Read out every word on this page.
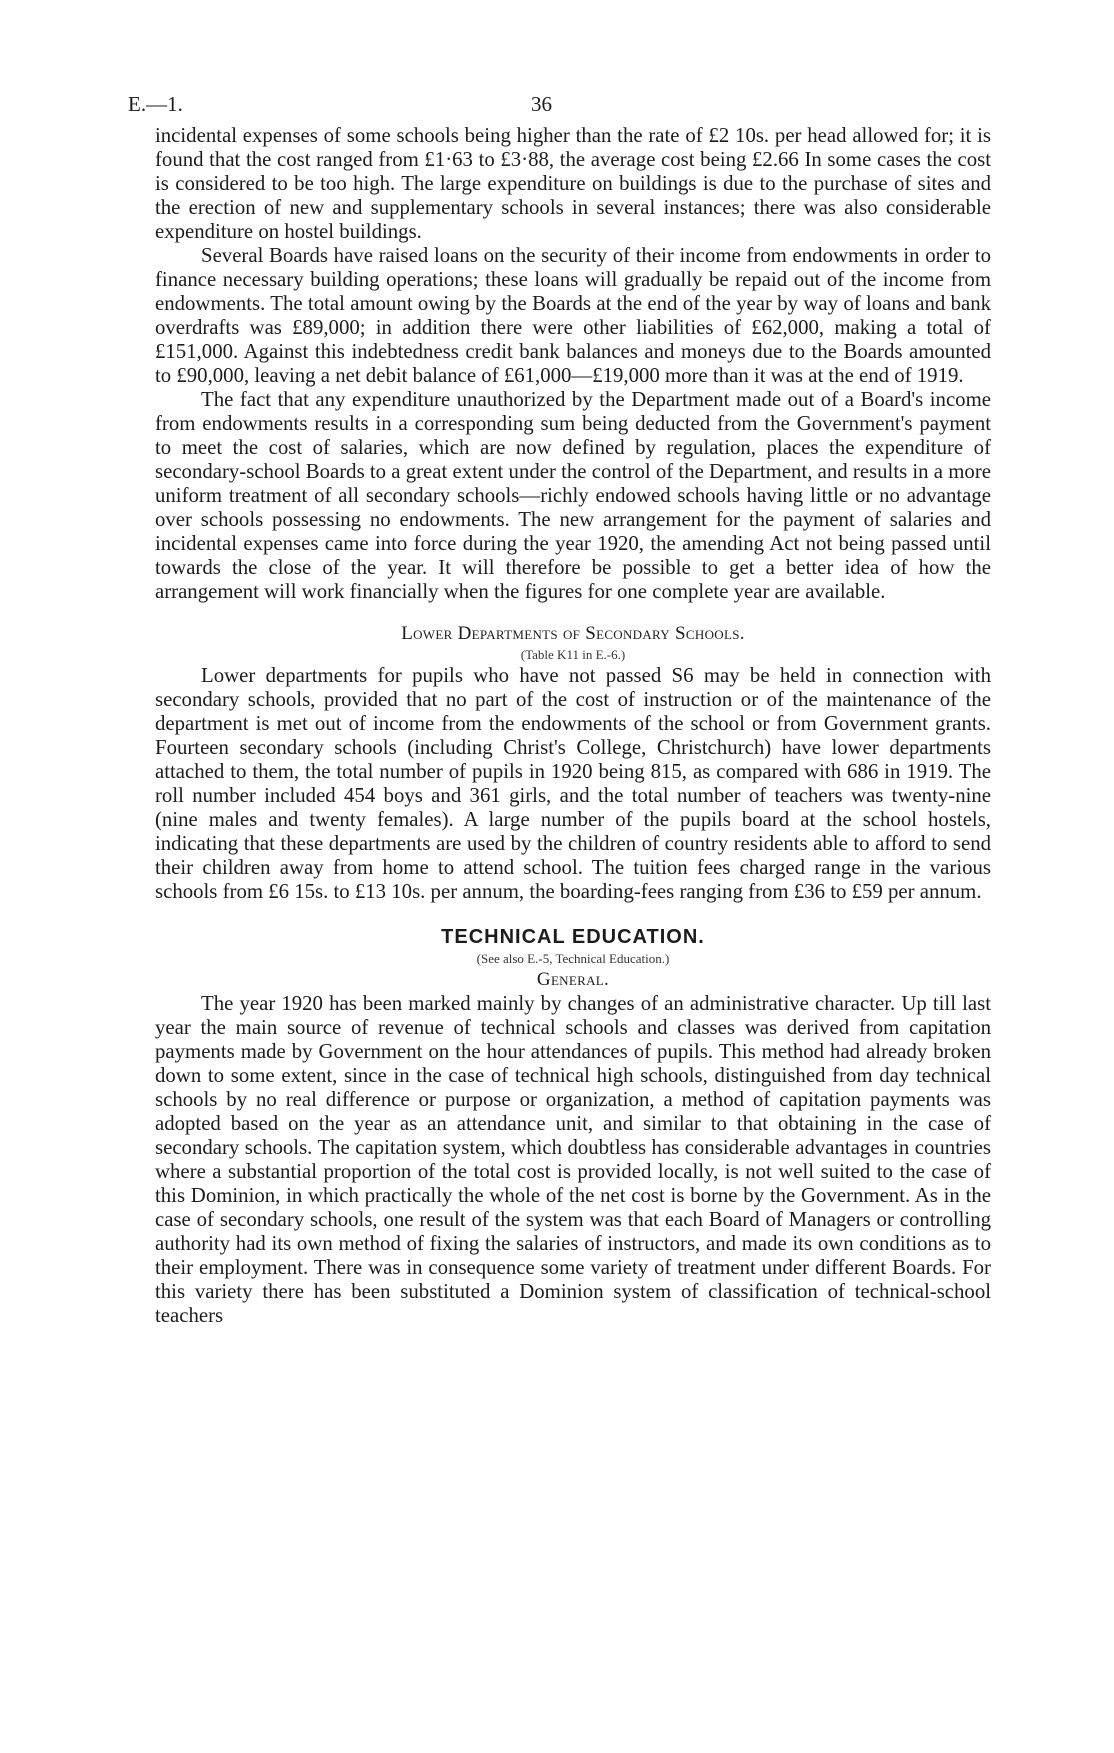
E.—1.	36

incidental expenses of some schools being higher than the rate of £2 10s. per head allowed for; it is found that the cost ranged from £1·63 to £3·88, the average cost being £2.66 In some cases the cost is considered to be too high. The large expenditure on buildings is due to the purchase of sites and the erection of new and supplementary schools in several instances; there was also considerable expenditure on hostel buildings.

Several Boards have raised loans on the security of their income from endowments in order to finance necessary building operations; these loans will gradually be repaid out of the income from endowments. The total amount owing by the Boards at the end of the year by way of loans and bank overdrafts was £89,000; in addition there were other liabilities of £62,000, making a total of £151,000. Against this indebtedness credit bank balances and moneys due to the Boards amounted to £90,000, leaving a net debit balance of £61,000—£19,000 more than it was at the end of 1919.

The fact that any expenditure unauthorized by the Department made out of a Board's income from endowments results in a corresponding sum being deducted from the Government's payment to meet the cost of salaries, which are now defined by regulation, places the expenditure of secondary-school Boards to a great extent under the control of the Department, and results in a more uniform treatment of all secondary schools—richly endowed schools having little or no advantage over schools possessing no endowments. The new arrangement for the payment of salaries and incidental expenses came into force during the year 1920, the amending Act not being passed until towards the close of the year. It will therefore be possible to get a better idea of how the arrangement will work financially when the figures for one complete year are available.

Lower Departments of Secondary Schools.
(Table K11 in E.-6.)

Lower departments for pupils who have not passed S6 may be held in connection with secondary schools, provided that no part of the cost of instruction or of the maintenance of the department is met out of income from the endowments of the school or from Government grants. Fourteen secondary schools (including Christ's College, Christchurch) have lower departments attached to them, the total number of pupils in 1920 being 815, as compared with 686 in 1919. The roll number included 454 boys and 361 girls, and the total number of teachers was twenty-nine (nine males and twenty females). A large number of the pupils board at the school hostels, indicating that these departments are used by the children of country residents able to afford to send their children away from home to attend school. The tuition fees charged range in the various schools from £6 15s. to £13 10s. per annum, the boarding-fees ranging from £36 to £59 per annum.

TECHNICAL EDUCATION.
(See also E.-5, Technical Education.)
General.

The year 1920 has been marked mainly by changes of an administrative character. Up till last year the main source of revenue of technical schools and classes was derived from capitation payments made by Government on the hour attendances of pupils. This method had already broken down to some extent, since in the case of technical high schools, distinguished from day technical schools by no real difference or purpose or organization, a method of capitation payments was adopted based on the year as an attendance unit, and similar to that obtaining in the case of secondary schools. The capitation system, which doubtless has considerable advantages in countries where a substantial proportion of the total cost is provided locally, is not well suited to the case of this Dominion, in which practically the whole of the net cost is borne by the Government. As in the case of secondary schools, one result of the system was that each Board of Managers or controlling authority had its own method of fixing the salaries of instructors, and made its own conditions as to their employment. There was in consequence some variety of treatment under different Boards. For this variety there has been substituted a Dominion system of classification of technical-school teachers
